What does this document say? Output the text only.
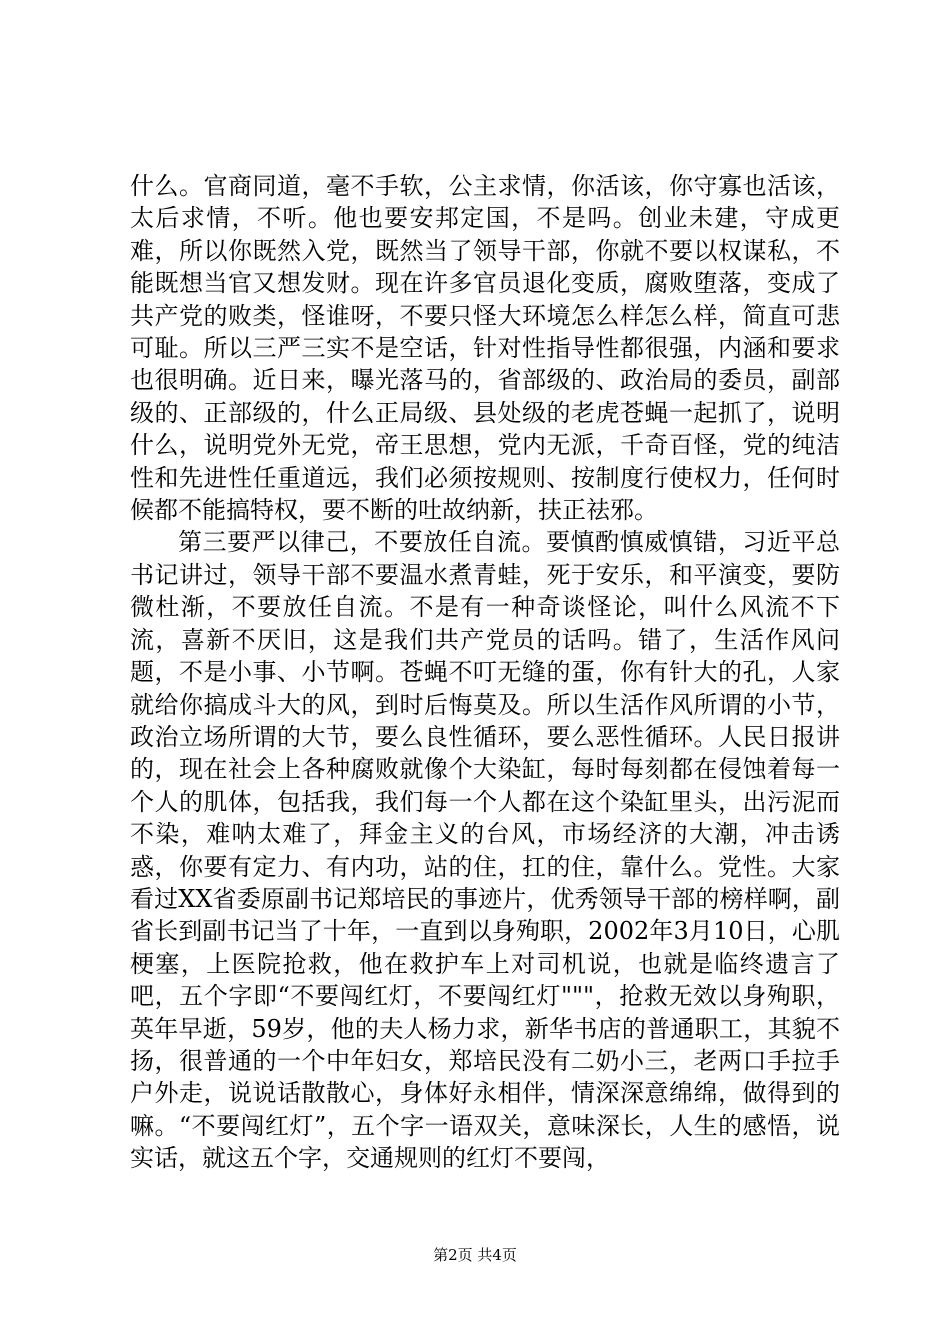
什么。官商同道，毫不手软，公主求情，你活该，你守寡也活该，太后求情，不听。他也要安邦定国，不是吗。创业未建，守成更难，所以你既然入党，既然当了领导干部，你就不要以权谋私，不能既想当官又想发财。现在许多官员退化变质，腐败堕落，变成了共产党的败类，怪谁呀，不要只怪大环境怎么样怎么样，简直可悲可耻。所以三严三实不是空话，针对性指导性都很强，内涵和要求也很明确。近日来，曝光落马的，省部级的、政治局的委员，副部级的、正部级的，什么正局级、县处级的老虎苍蝇一起抓了，说明什么，说明党外无党，帝王思想，党内无派，千奇百怪，党的纯洁性和先进性任重道远，我们必须按规则、按制度行使权力，任何时候都不能搞特权，要不断的吐故纳新，扶正祛邪。

第三要严以律己，不要放任自流。要慎酌慎威慎错，习近平总书记讲过，领导干部不要温水煮青蛙，死于安乐，和平演变，要防微杜渐，不要放任自流。不是有一种奇谈怪论，叫什么风流不下流，喜新不厌旧，这是我们共产党员的话吗。错了，生活作风问题，不是小事、小节啊。苍蝇不叮无缝的蛋，你有针大的孔，人家就给你搞成斗大的风，到时后悔莫及。所以生活作风所谓的小节，政治立场所谓的大节，要么良性循环，要么恶性循环。人民日报讲的，现在社会上各种腐败就像个大染缸，每时每刻都在侵蚀着每一个人的肌体，包括我，我们每一个人都在这个染缸里头，出污泥而不染，难呐太难了，拜金主义的台风，市场经济的大潮，冲击诱惑，你要有定力、有内功，站的住，扛的住，靠什么。党性。大家看过XX省委原副书记郑培民的事迹片，优秀领导干部的榜样啊，副省长到副书记当了十年，一直到以身殉职，2002年3月10日，心肌梗塞，上医院抢救，他在救护车上对司机说，也就是临终遗言了吧，五个字即“不要闯红灯，不要闯红灯"""，抢救无效以身殉职，英年早逝，59岁，他的夫人杨力求，新华书店的普通职工，其貌不扬，很普通的一个中年妇女，郑培民没有二奶小三，老两口手拉手户外走，说说话散散心，身体好永相伴，情深深意绵绵，做得到的嘛。“不要闯红灯”，五个字一语双关，意味深长，人生的感悟，说实话，就这五个字，交通规则的红灯不要闯，

第2页 共4页
